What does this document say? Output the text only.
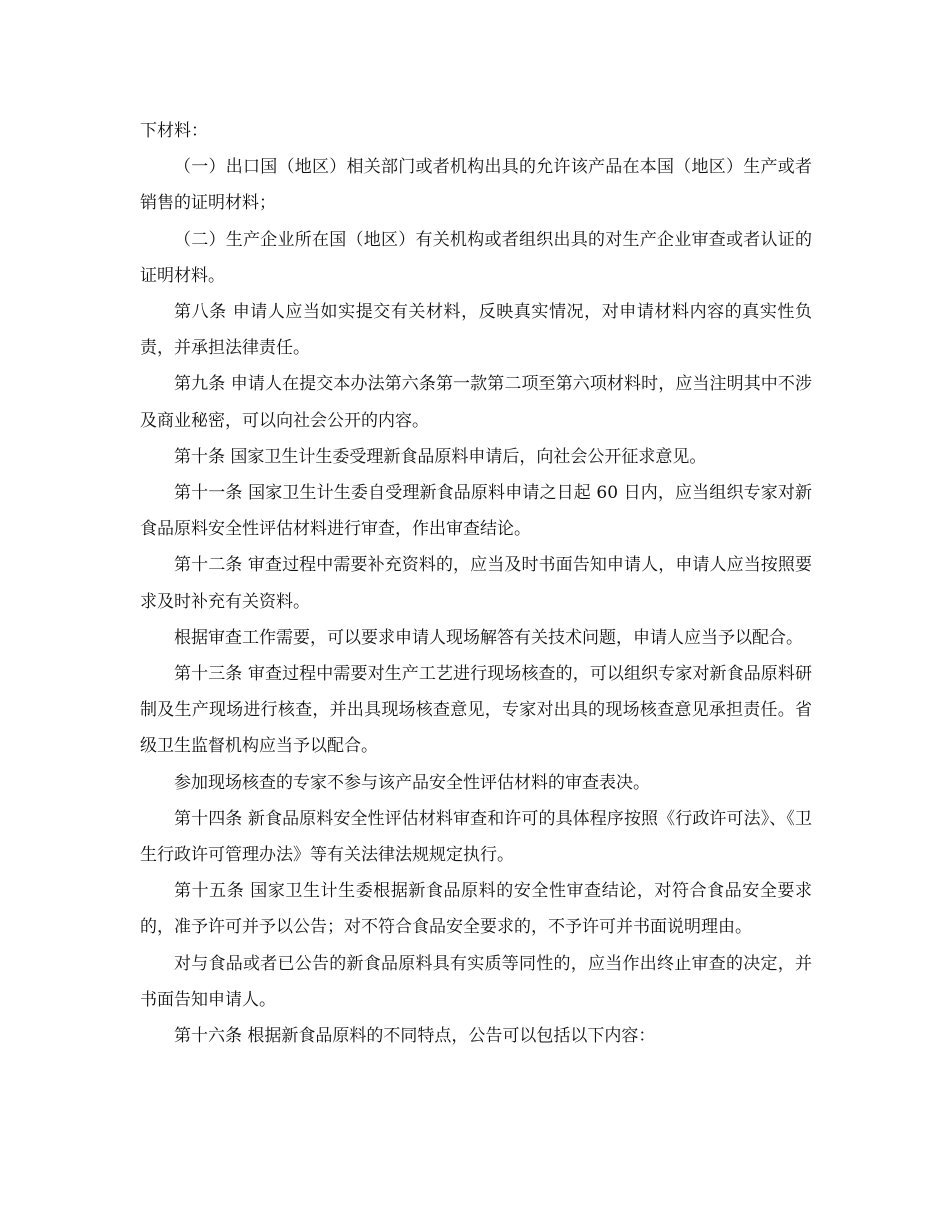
下材料：

（一）出口国（地区）相关部门或者机构出具的允许该产品在本国（地区）生产或者销售的证明材料；

（二）生产企业所在国（地区）有关机构或者组织出具的对生产企业审查或者认证的证明材料。

第八条 申请人应当如实提交有关材料，反映真实情况，对申请材料内容的真实性负责，并承担法律责任。

第九条 申请人在提交本办法第六条第一款第二项至第六项材料时，应当注明其中不涉及商业秘密，可以向社会公开的内容。

第十条 国家卫生计生委受理新食品原料申请后，向社会公开征求意见。

第十一条 国家卫生计生委自受理新食品原料申请之日起 60 日内，应当组织专家对新食品原料安全性评估材料进行审查，作出审查结论。

第十二条 审查过程中需要补充资料的，应当及时书面告知申请人，申请人应当按照要求及时补充有关资料。

根据审查工作需要，可以要求申请人现场解答有关技术问题，申请人应当予以配合。

第十三条 审查过程中需要对生产工艺进行现场核查的，可以组织专家对新食品原料研制及生产现场进行核查，并出具现场核查意见，专家对出具的现场核查意见承担责任。省级卫生监督机构应当予以配合。

参加现场核查的专家不参与该产品安全性评估材料的审查表决。

第十四条 新食品原料安全性评估材料审查和许可的具体程序按照《行政许可法》、《卫生行政许可管理办法》等有关法律法规规定执行。

第十五条 国家卫生计生委根据新食品原料的安全性审查结论，对符合食品安全要求的，准予许可并予以公告；对不符合食品安全要求的，不予许可并书面说明理由。

对与食品或者已公告的新食品原料具有实质等同性的，应当作出终止审查的决定，并书面告知申请人。

第十六条 根据新食品原料的不同特点，公告可以包括以下内容：
